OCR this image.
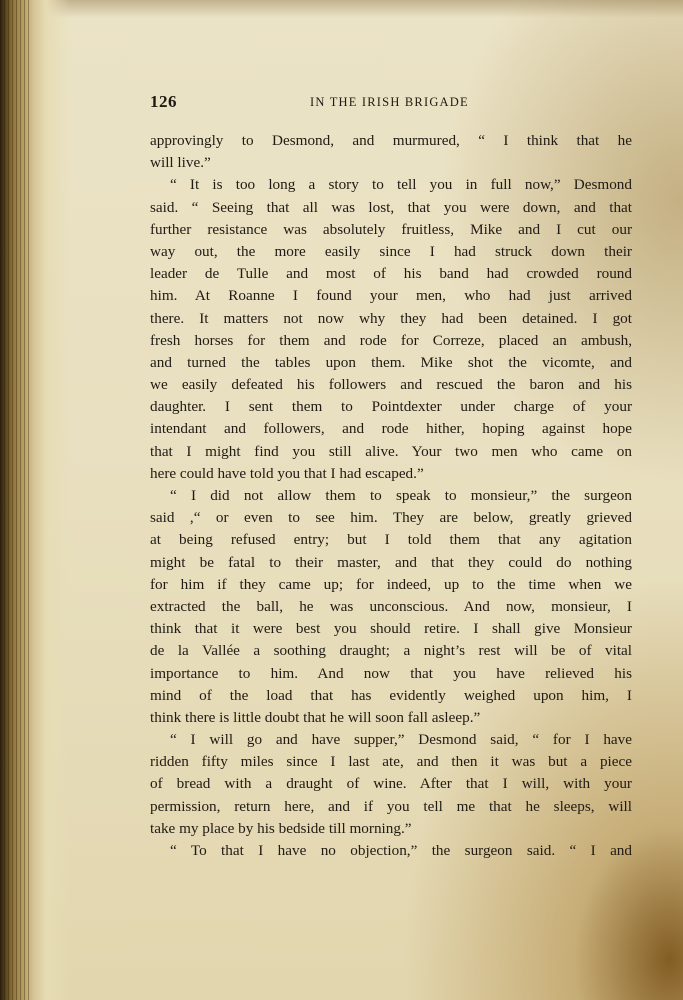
126	IN THE IRISH BRIGADE
approvingly to Desmond, and murmured, “ I think that he
will live.”
“ It is too long a story to tell you in full now,” Desmond
said. “ Seeing that all was lost, that you were down, and that
further resistance was absolutely fruitless, Mike and I cut our
way out, the more easily since I had struck down their
leader de Tulle and most of his band had crowded round
him. At Roanne I found your men, who had just arrived
there. It matters not now why they had been detained. I got
fresh horses for them and rode for Correze, placed an ambush,
and turned the tables upon them. Mike shot the vicomte, and
we easily defeated his followers and rescued the baron and his
daughter. I sent them to Pointdexter under charge of your
intendant and followers, and rode hither, hoping against hope
that I might find you still alive. Your two men who came on
here could have told you that I had escaped.”
“ I did not allow them to speak to monsieur,” the surgeon
said ,“ or even to see him. They are below, greatly grieved
at being refused entry; but I told them that any agitation
might be fatal to their master, and that they could do nothing
for him if they came up; for indeed, up to the time when we
extracted the ball, he was unconscious. And now, monsieur, I
think that it were best you should retire. I shall give Monsieur
de la Vallée a soothing draught; a night’s rest will be of vital
importance to him. And now that you have relieved his
mind of the load that has evidently weighed upon him, I
think there is little doubt that he will soon fall asleep.”
“ I will go and have supper,” Desmond said, “ for I have
ridden fifty miles since I last ate, and then it was but a piece
of bread with a draught of wine. After that I will, with your
permission, return here, and if you tell me that he sleeps, will
take my place by his bedside till morning.”
“ To that I have no objection,” the surgeon said. “ I and
